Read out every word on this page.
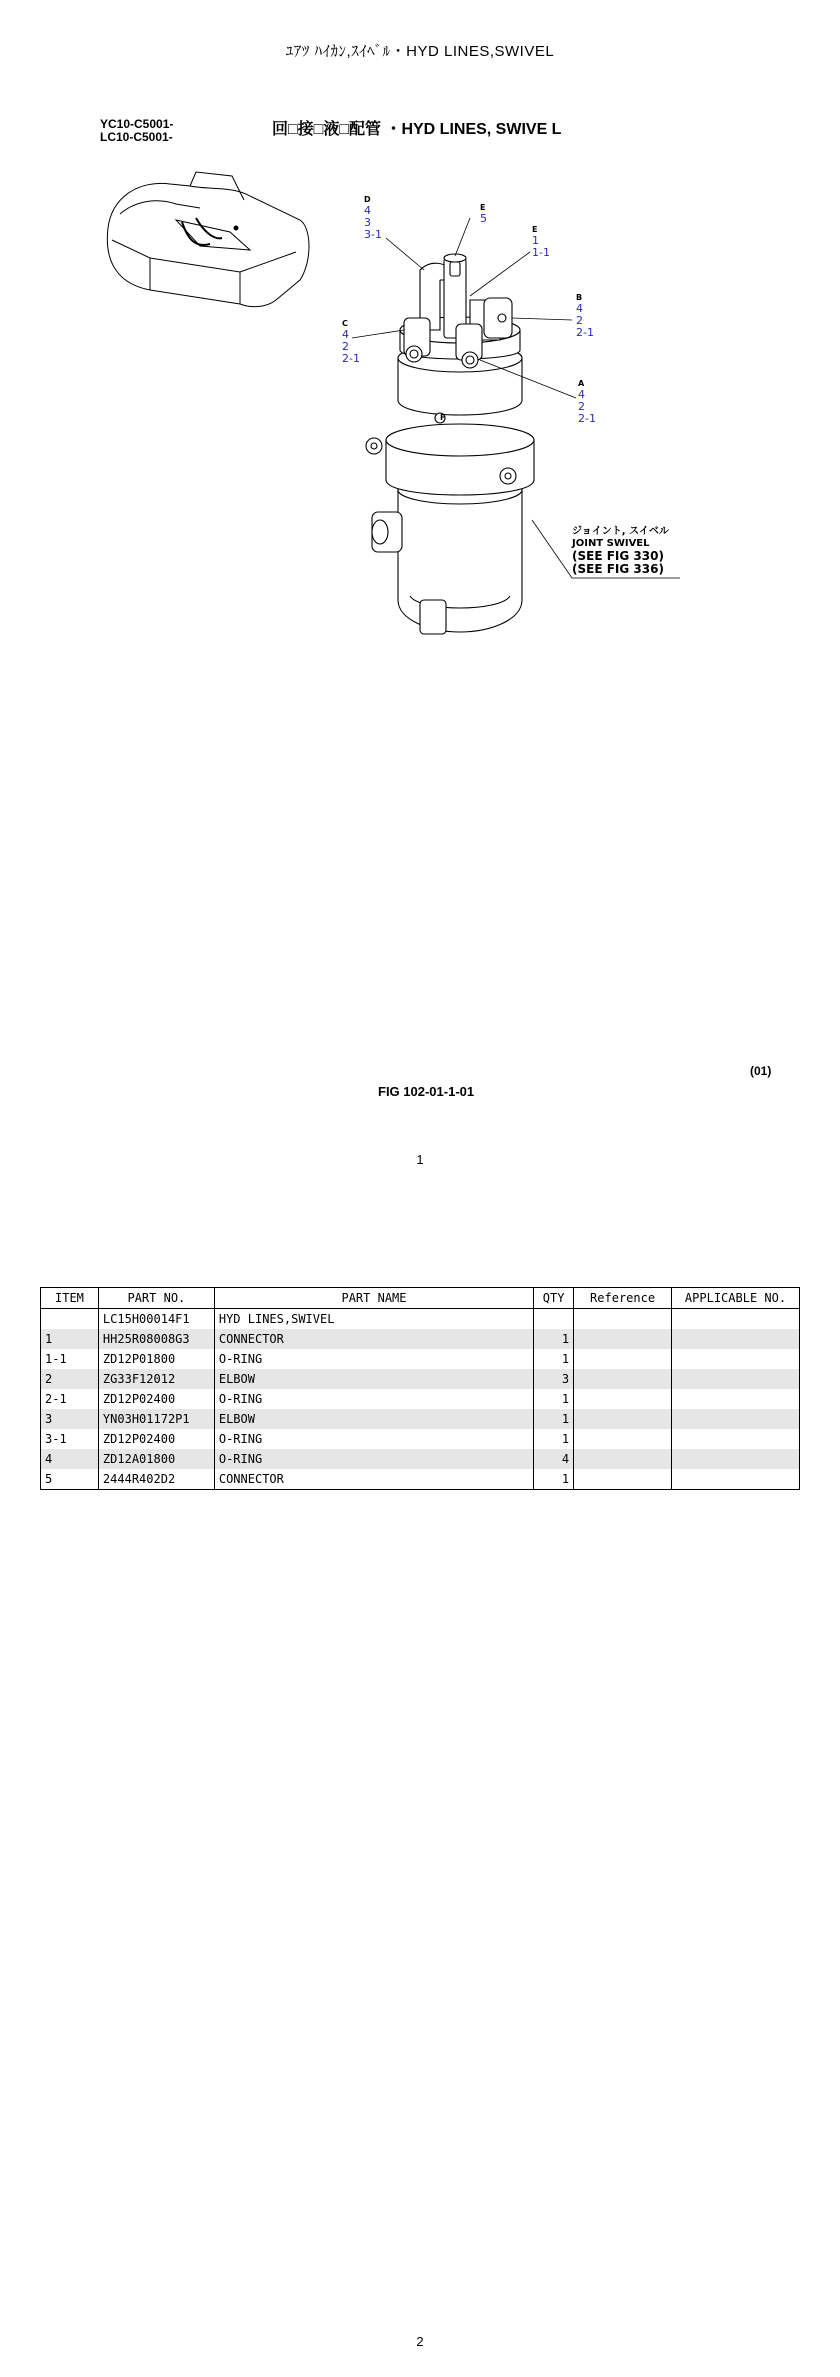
ﾕｱﾂ ﾊｲｶﾝ,ｽｲﾍﾞﾙ・HYD LINES,SWIVEL
YC10-C5001-
LC10-C5001-	回□接□液□配管 ・HYD LINES, SWIVE L
D
4
3
3-1
E
5
E
1
1-1
B
4
2
2-1
C
4
2
2-1
A
4
2
2-1
F
ジョイント, スイベル
JOINT SWIVEL
(SEE FIG 330)
(SEE FIG 336)
(01)
FIG 102-01-1-01
1
ITEM	PART NO.	PART NAME	QTY	Reference	APPLICABLE NO.
	LC15H00014F1	HYD LINES,SWIVEL			
1	HH25R08008G3	CONNECTOR	1		
1-1	ZD12P01800	O-RING	1		
2	ZG33F12012	ELBOW	3		
2-1	ZD12P02400	O-RING	1		
3	YN03H01172P1	ELBOW	1		
3-1	ZD12P02400	O-RING	1		
4	ZD12A01800	O-RING	4		
5	2444R402D2	CONNECTOR	1		
2
